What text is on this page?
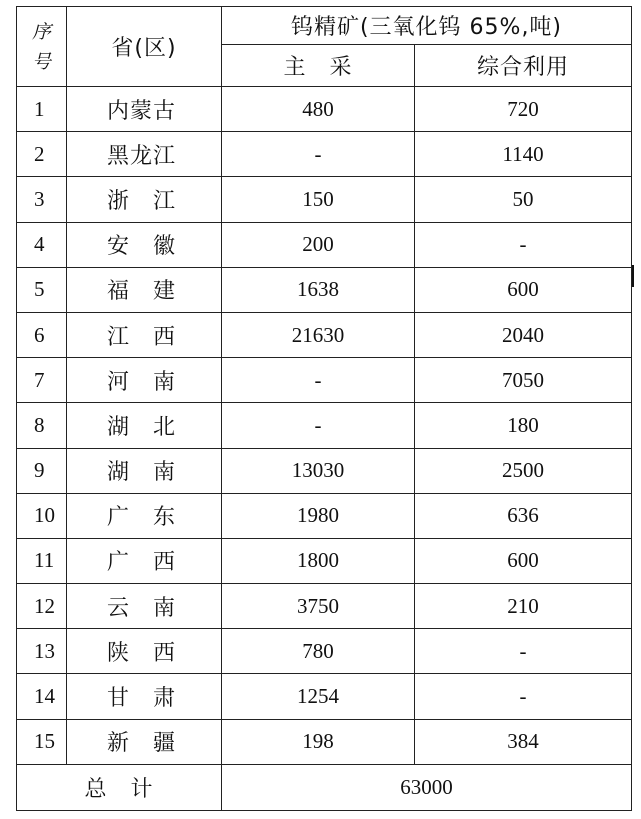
序
号	省(区)	钨精矿(三氧化钨 65%,吨)	
		主　采	综合利用
1	内蒙古	480	720
2	黑龙江	-	1140
3	浙　江	150	50
4	安　徽	200	-
5	福　建	1638	600
6	江　西	21630	2040
7	河　南	-	7050
8	湖　北	-	180
9	湖　南	13030	2500
10	广　东	1980	636
11	广　西	1800	600
12	云　南	3750	210
13	陕　西	780	-
14	甘　肃	1254	-
15	新　疆	198	384
总　计		63000	
